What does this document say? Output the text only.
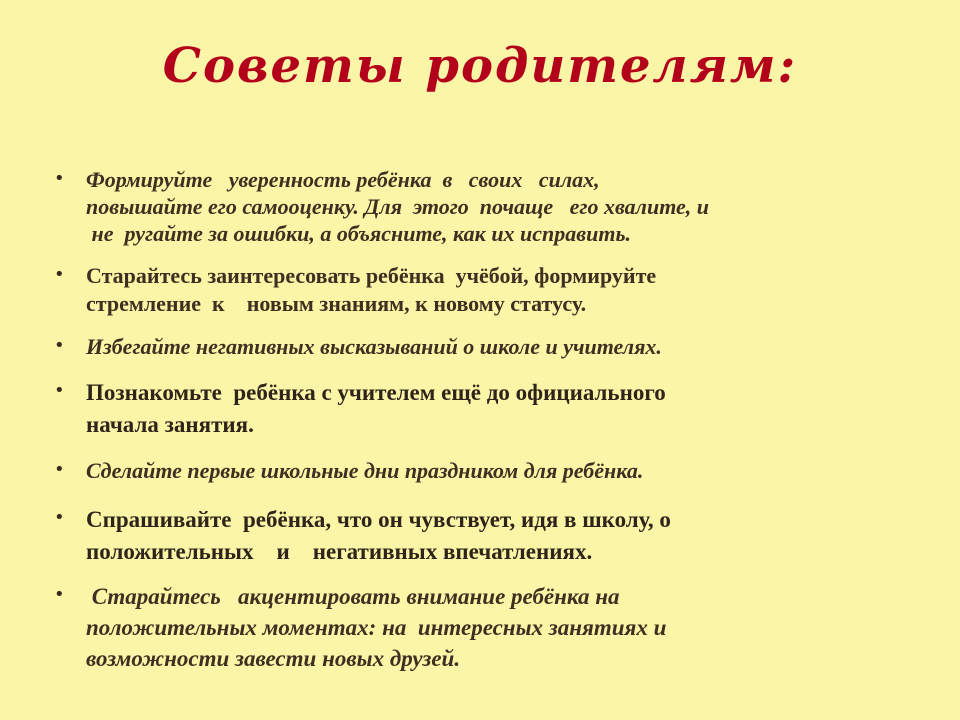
Советы родителям:
• Формируйте   уверенность ребёнка  в   своих   силах,
повышайте его самооценку. Для  этого  почаще   его хвалите, и
не  ругайте за ошибки, а объясните, как их исправить.

• Старайтесь заинтересовать ребёнка  учёбой, формируйте
стремление  к    новым знаниям, к новому статусу.

• Избегайте негативных высказываний о школе и учителях.

• Познакомьте  ребёнка с учителем ещё до официального
начала занятия.

• Сделайте первые школьные дни праздником для ребёнка.

• Спрашивайте  ребёнка, что он чувствует, идя в школу, о
положительных    и    негативных впечатлениях.

• Старайтесь   акцентировать внимание ребёнка на
положительных моментах: на  интересных занятиях и
возможности завести новых друзей.
